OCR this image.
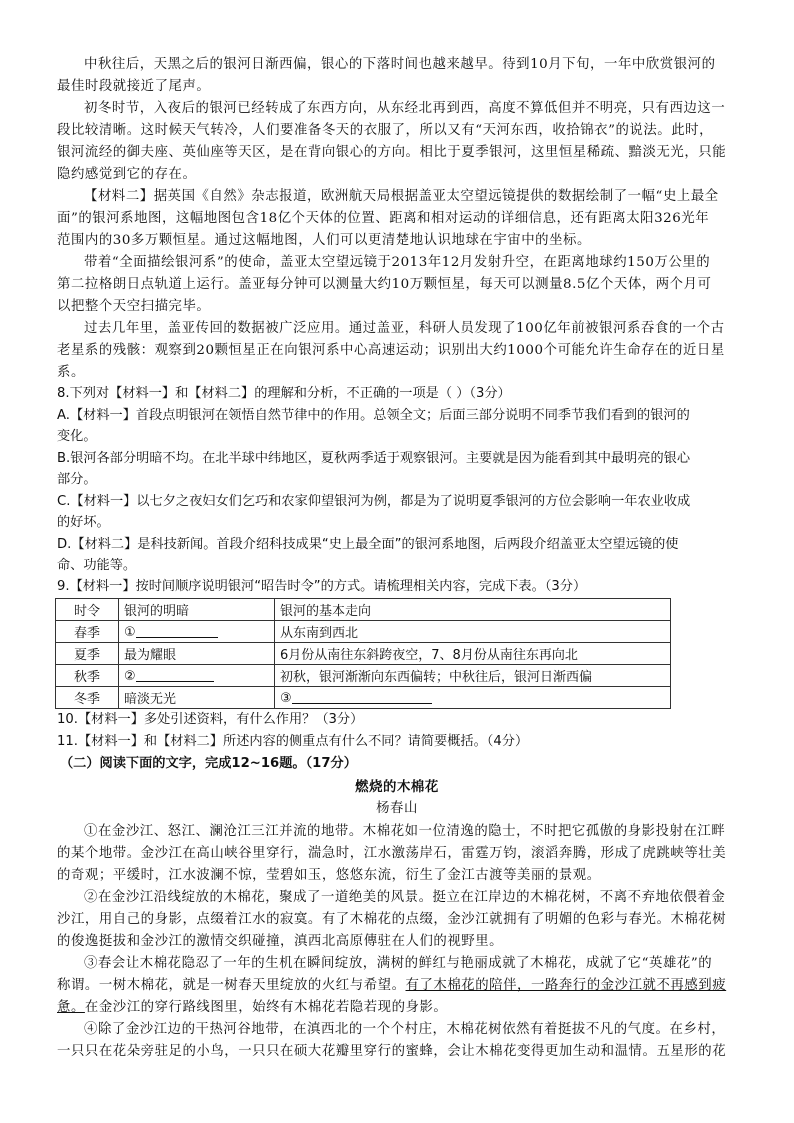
中秋往后，天黑之后的银河日渐西偏，银心的下落时间也越来越早。待到10月下旬，一年中欣赏银河的
最佳时段就接近了尾声。
初冬时节，入夜后的银河已经转成了东西方向，从东经北再到西，高度不算低但并不明亮，只有西边这一
段比较清晰。这时候天气转冷，人们要准备冬天的衣服了，所以又有“天河东西，收拾锦衣”的说法。此时，
银河流经的御夫座、英仙座等天区，是在背向银心的方向。相比于夏季银河，这里恒星稀疏、黯淡无光，只能
隐约感觉到它的存在。
【材料二】据英国《自然》杂志报道，欧洲航天局根据盖亚太空望远镜提供的数据绘制了一幅“史上最全
面”的银河系地图，这幅地图包含18亿个天体的位置、距离和相对运动的详细信息，还有距离太阳326光年
范围内的30多万颗恒星。通过这幅地图，人们可以更清楚地认识地球在宇宙中的坐标。
带着“全面描绘银河系”的使命，盖亚太空望远镜于2013年12月发射升空，在距离地球约150万公里的
第二拉格朗日点轨道上运行。盖亚每分钟可以测量大约10万颗恒星，每天可以测量8.5亿个天体，两个月可
以把整个天空扫描完毕。
过去几年里，盖亚传回的数据被广泛应用。通过盖亚，科研人员发现了100亿年前被银河系吞食的一个古
老星系的残骸：观察到20颗恒星正在向银河系中心高速运动；识别出大约1000个可能允许生命存在的近日星
系。
8.下列对【材料一】和【材料二】的理解和分析，不正确的一项是（ ）（3分）
A.【材料一】首段点明银河在领悟自然节律中的作用。总领全文；后面三部分说明不同季节我们看到的银河的
变化。
B.银河各部分明暗不均。在北半球中纬地区，夏秋两季适于观察银河。主要就是因为能看到其中最明亮的银心
部分。
C.【材料一】以七夕之夜妇女们乞巧和农家仰望银河为例，都是为了说明夏季银河的方位会影响一年农业收成
的好坏。
D.【材料二】是科技新闻。首段介绍科技成果“史上最全面”的银河系地图，后两段介绍盖亚太空望远镜的使
命、功能等。
9.【材料一】按时间顺序说明银河“昭告时令”的方式。请梳理相关内容，完成下表。（3分）
时令	银河的明暗	银河的基本走向
春季	①	从东南到西北
夏季	最为耀眼	6月份从南往东斜跨夜空，7、8月份从南往东再向北
秋季	②	初秋，银河渐渐向东西偏转；中秋往后，银河日渐西偏
冬季	暗淡无光	③
10.【材料一】多处引述资料，有什么作用？（3分）
11.【材料一】和【材料二】所述内容的侧重点有什么不同？请简要概括。（4分）
（二）阅读下面的文字，完成12~16题。（17分）
燃烧的木棉花
杨春山
①在金沙江、怒江、澜沧江三江并流的地带。木棉花如一位清逸的隐士，不时把它孤傲的身影投射在江畔
的某个地带。金沙江在高山峡谷里穿行，湍急时，江水激荡岸石，雷霆万钧，滚滔奔腾，形成了虎跳峡等壮美
的奇观；平缓时，江水波澜不惊，莹碧如玉，悠悠东流，衍生了金江古渡等美丽的景观。
②在金沙江沿线绽放的木棉花，聚成了一道绝美的风景。挺立在江岸边的木棉花树，不离不弃地依偎着金
沙江，用自己的身影，点缀着江水的寂寞。有了木棉花的点缀，金沙江就拥有了明媚的色彩与春光。木棉花树
的俊逸挺拔和金沙江的激情交织碰撞，滇西北高原傳驻在人们的视野里。
③春会让木棉花隐忍了一年的生机在瞬间绽放，满树的鲜红与艳丽成就了木棉花，成就了它“英雄花”的
称谓。一树木棉花，就是一树春天里绽放的火红与希望。有了木棉花的陪伴，一路奔行的金沙江就不再感到疲
惫。在金沙江的穿行路线图里，始终有木棉花若隐若现的身影。
④除了金沙江边的干热河谷地带，在滇西北的一个个村庄，木棉花树依然有着挺拔不凡的气度。在乡村，
一只只在花朵旁驻足的小鸟，一只只在硕大花瓣里穿行的蜜蜂，会让木棉花变得更加生动和温情。五星形的花
